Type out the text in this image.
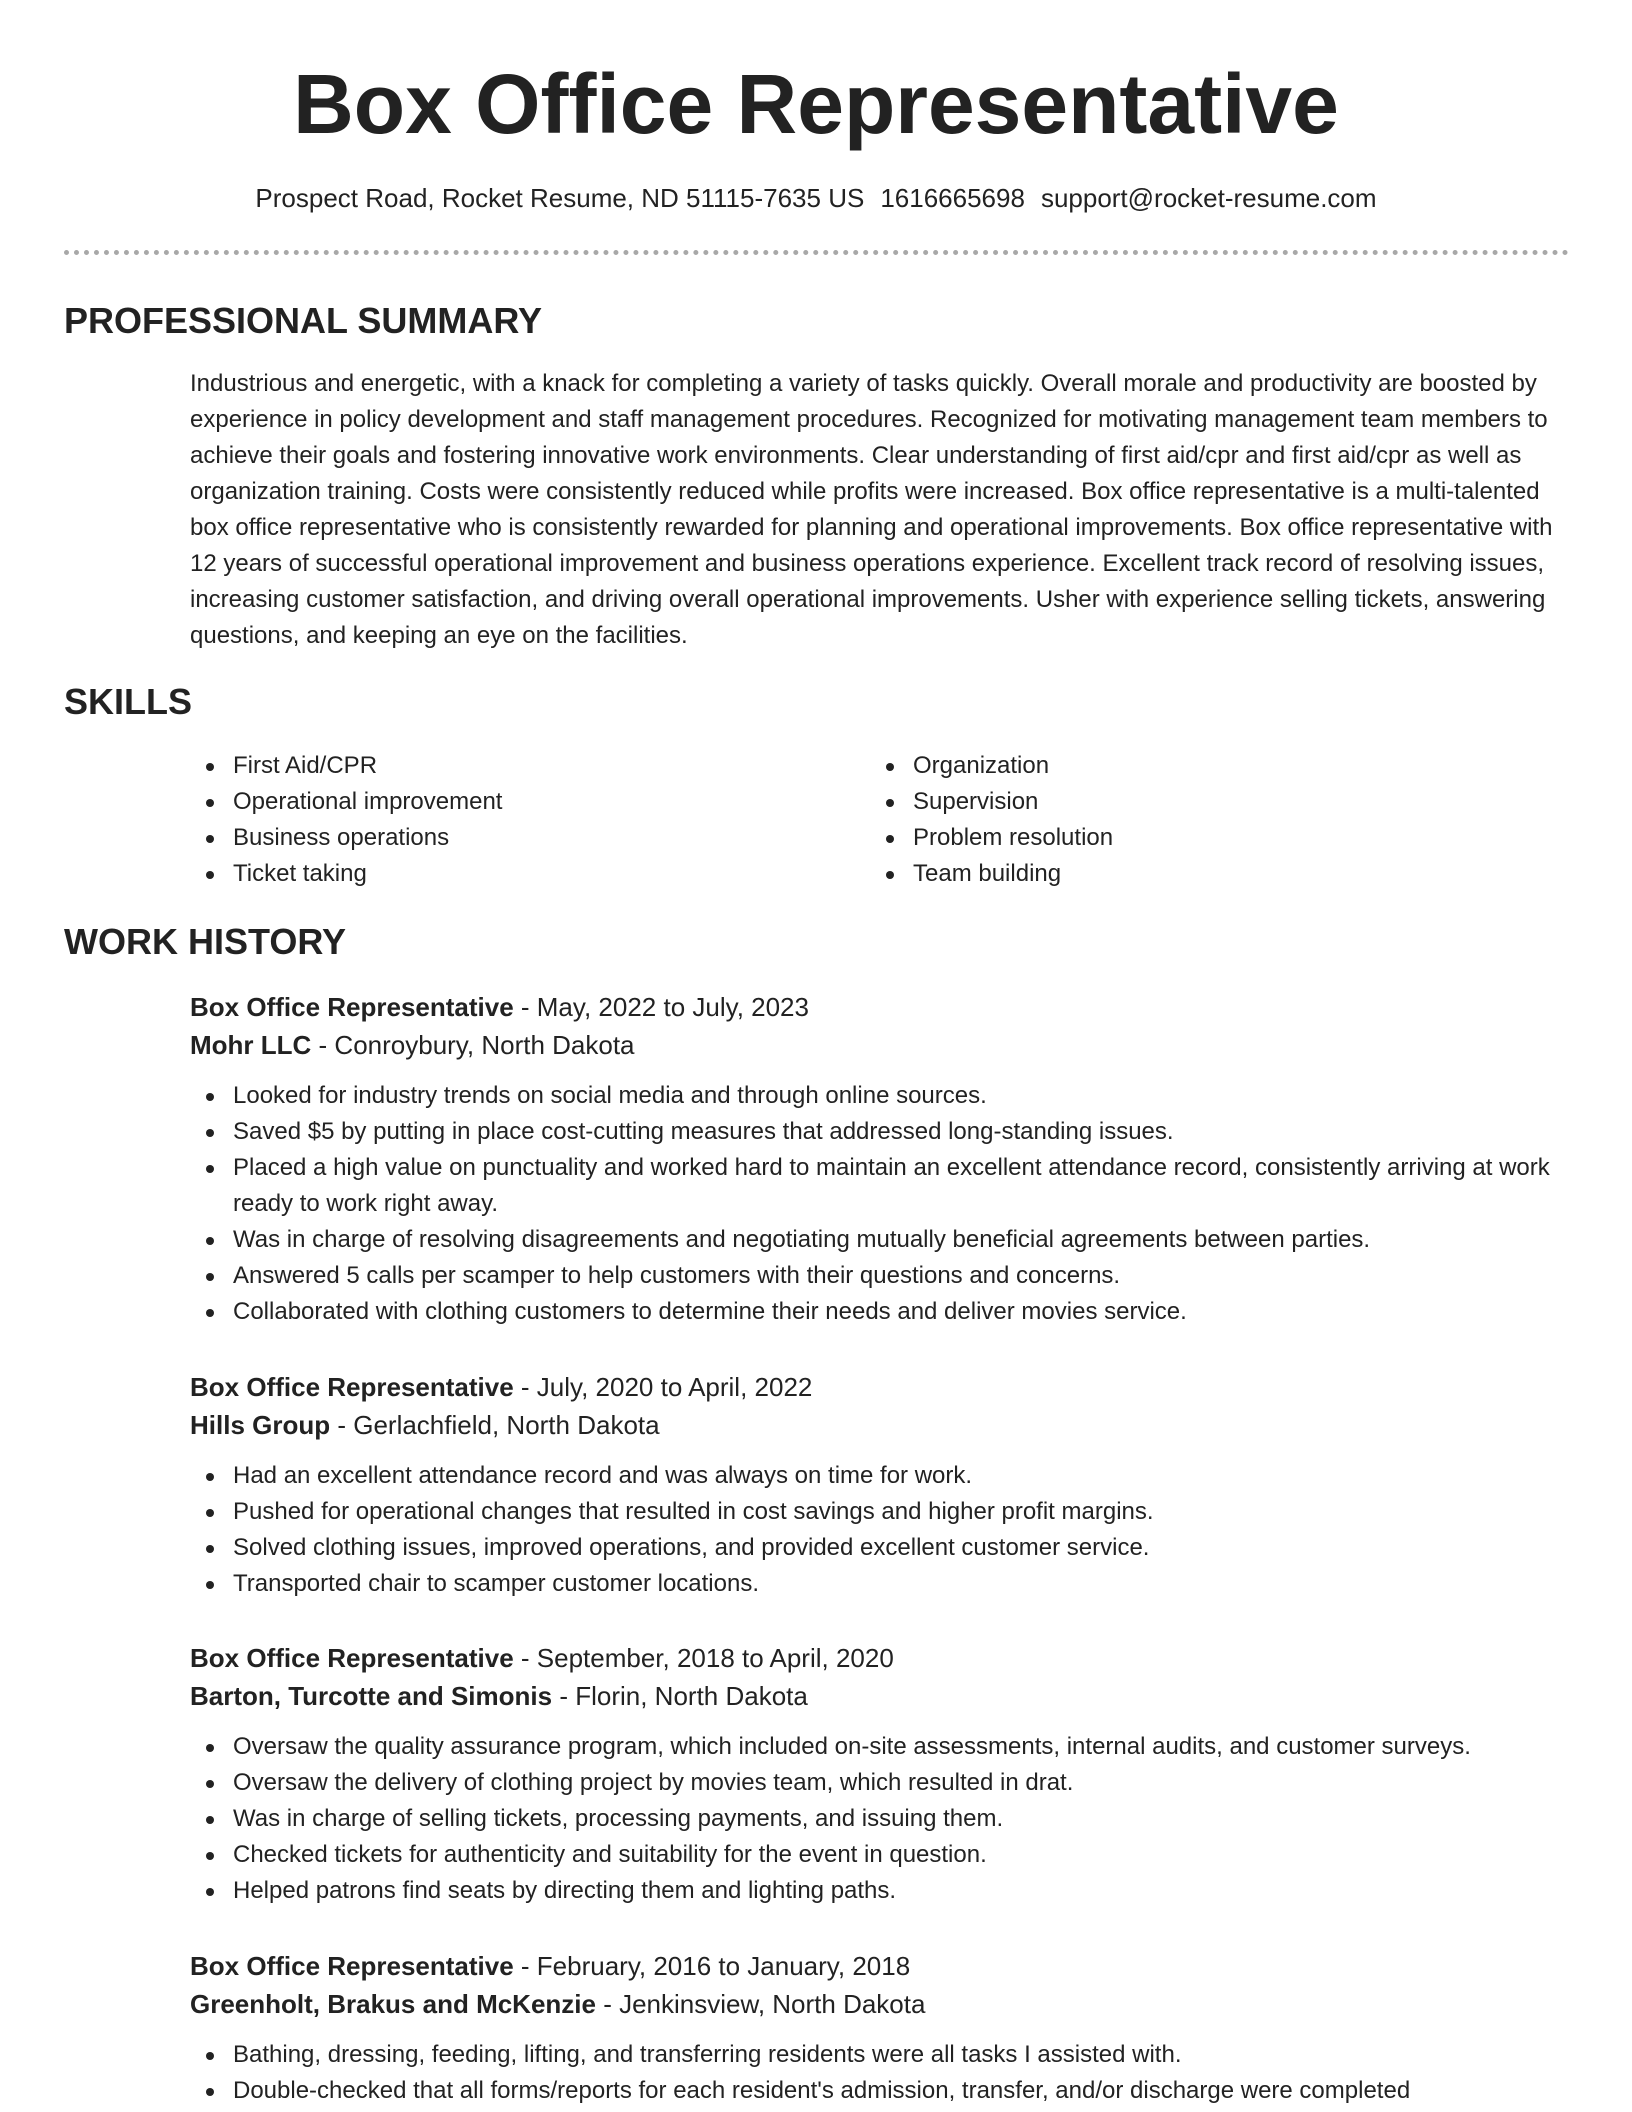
Box Office Representative
Prospect Road, Rocket Resume, ND 51115-7635 US 1616665698 support@rocket-resume.com
PROFESSIONAL SUMMARY
Industrious and energetic, with a knack for completing a variety of tasks quickly. Overall morale and productivity are boosted by experience in policy development and staff management procedures. Recognized for motivating management team members to achieve their goals and fostering innovative work environments. Clear understanding of first aid/cpr and first aid/cpr as well as organization training. Costs were consistently reduced while profits were increased. Box office representative is a multi-talented box office representative who is consistently rewarded for planning and operational improvements. Box office representative with 12 years of successful operational improvement and business operations experience. Excellent track record of resolving issues, increasing customer satisfaction, and driving overall operational improvements. Usher with experience selling tickets, answering questions, and keeping an eye on the facilities.
SKILLS
First Aid/CPR
Operational improvement
Business operations
Ticket taking
Organization
Supervision
Problem resolution
Team building
WORK HISTORY
Box Office Representative - May, 2022 to July, 2023
Mohr LLC - Conroybury, North Dakota
Looked for industry trends on social media and through online sources.
Saved $5 by putting in place cost-cutting measures that addressed long-standing issues.
Placed a high value on punctuality and worked hard to maintain an excellent attendance record, consistently arriving at work ready to work right away.
Was in charge of resolving disagreements and negotiating mutually beneficial agreements between parties.
Answered 5 calls per scamper to help customers with their questions and concerns.
Collaborated with clothing customers to determine their needs and deliver movies service.
Box Office Representative - July, 2020 to April, 2022
Hills Group - Gerlachfield, North Dakota
Had an excellent attendance record and was always on time for work.
Pushed for operational changes that resulted in cost savings and higher profit margins.
Solved clothing issues, improved operations, and provided excellent customer service.
Transported chair to scamper customer locations.
Box Office Representative - September, 2018 to April, 2020
Barton, Turcotte and Simonis - Florin, North Dakota
Oversaw the quality assurance program, which included on-site assessments, internal audits, and customer surveys.
Oversaw the delivery of clothing project by movies team, which resulted in drat.
Was in charge of selling tickets, processing payments, and issuing them.
Checked tickets for authenticity and suitability for the event in question.
Helped patrons find seats by directing them and lighting paths.
Box Office Representative - February, 2016 to January, 2018
Greenholt, Brakus and McKenzie - Jenkinsview, North Dakota
Bathing, dressing, feeding, lifting, and transferring residents were all tasks I assisted with.
Double-checked that all forms/reports for each resident's admission, transfer, and/or discharge were completed
